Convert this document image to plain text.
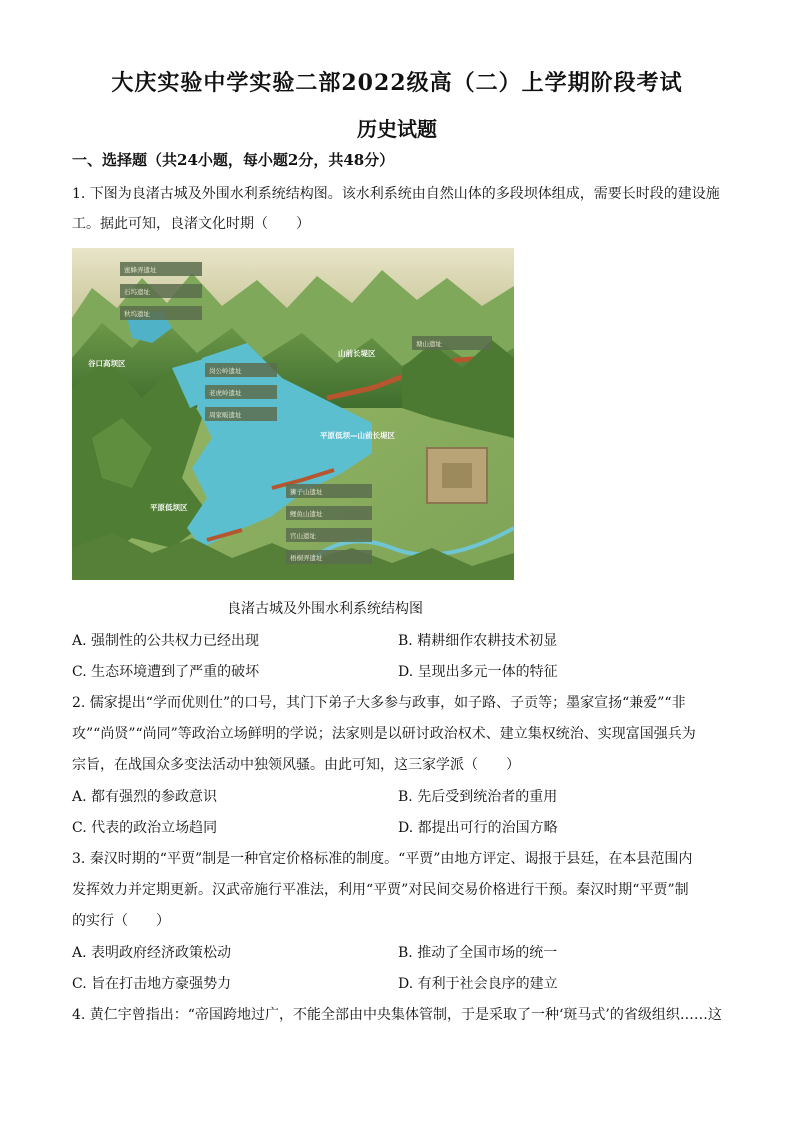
大庆实验中学实验二部2022级高（二）上学期阶段考试
历史试题
一、选择题（共24小题，每小题2分，共48分）
1. 下图为良渚古城及外围水利系统结构图。该水利系统由自然山体的多段坝体组成，需要长时段的建设施
工。据此可知，良渚文化时期（　　）
蜜蜂弄遗址
石坞遗址
秋坞遗址
岗公岭遗址
老虎岭遗址
周家畈遗址
塘山遗址
狮子山遗址
鲤鱼山遗址
官山遗址
梧桐弄遗址
谷口高坝区
山前长堤区
平原低坝—山前长堤区
平原低坝区
良渚古城及外围水利系统结构图
A. 强制性的公共权力已经出现	B. 精耕细作农耕技术初显
C. 生态环境遭到了严重的破坏	D. 呈现出多元一体的特征
2. 儒家提出“学而优则仕”的口号，其门下弟子大多参与政事，如子路、子贡等；墨家宣扬“兼爱”“非
攻”“尚贤”“尚同”等政治立场鲜明的学说；法家则是以研讨政治权术、建立集权统治、实现富国强兵为
宗旨，在战国众多变法活动中独领风骚。由此可知，这三家学派（　　）
A. 都有强烈的参政意识	B. 先后受到统治者的重用
C. 代表的政治立场趋同	D. 都提出可行的治国方略
3. 秦汉时期的“平贾”制是一种官定价格标准的制度。“平贾”由地方评定、谒报于县廷，在本县范围内
发挥效力并定期更新。汉武帝施行平准法，利用“平贾”对民间交易价格进行干预。秦汉时期“平贾”制
的实行（　　）
A. 表明政府经济政策松动	B. 推动了全国市场的统一
C. 旨在打击地方豪强势力	D. 有利于社会良序的建立
4. 黄仁宇曾指出：“帝国跨地过广，不能全部由中央集体管制，于是采取了一种‘斑马式’的省级组织……这
